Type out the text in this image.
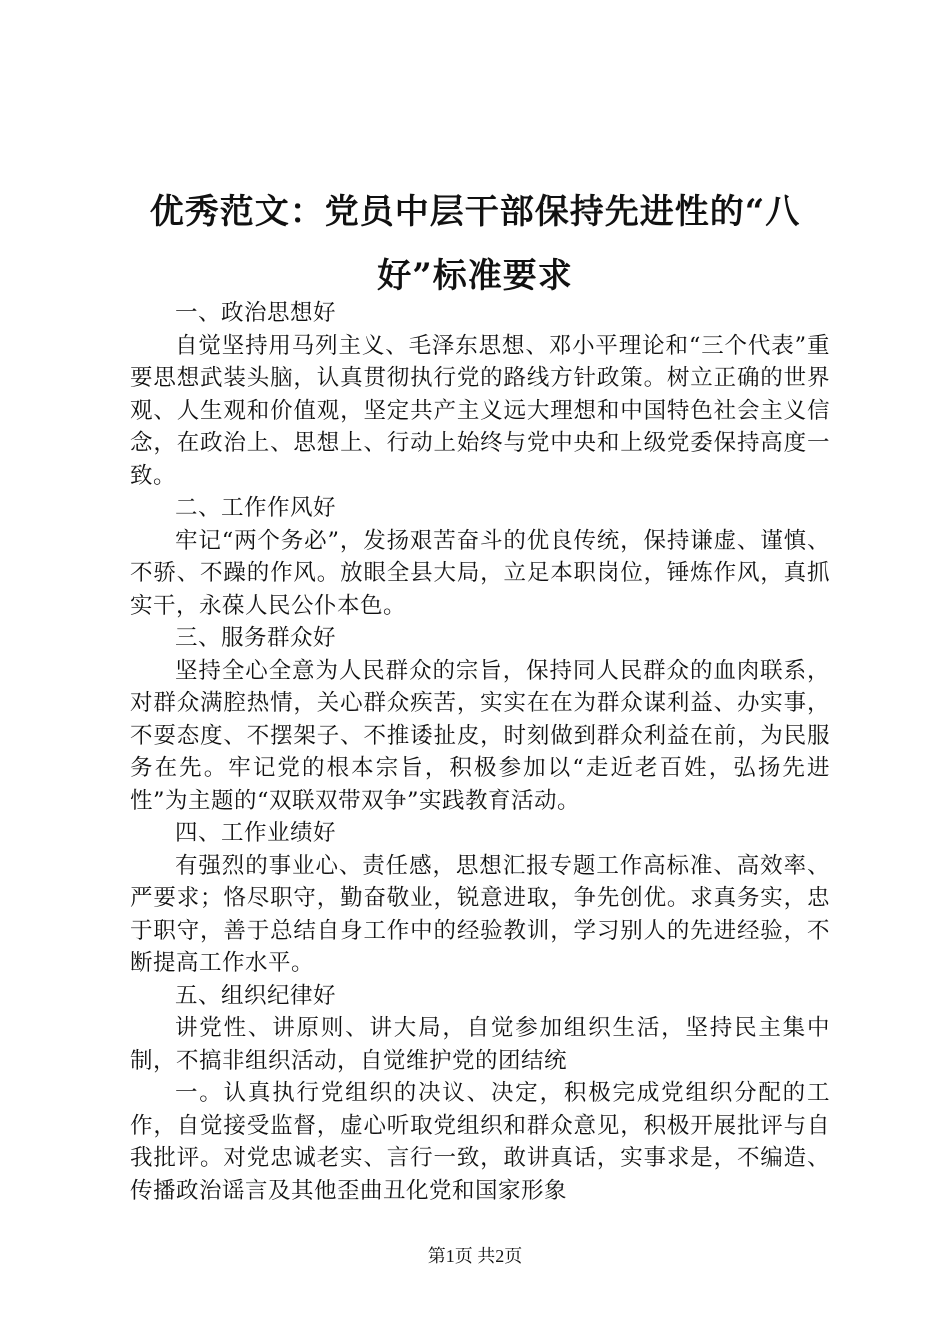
优秀范文：党员中层干部保持先进性的“八好”标准要求

一、政治思想好

自觉坚持用马列主义、毛泽东思想、邓小平理论和“三个代表”重要思想武装头脑，认真贯彻执行党的路线方针政策。树立正确的世界观、人生观和价值观，坚定共产主义远大理想和中国特色社会主义信念，在政治上、思想上、行动上始终与党中央和上级党委保持高度一致。

二、工作作风好

牢记“两个务必”，发扬艰苦奋斗的优良传统，保持谦虚、谨慎、不骄、不躁的作风。放眼全县大局，立足本职岗位，锤炼作风，真抓实干，永葆人民公仆本色。

三、服务群众好

坚持全心全意为人民群众的宗旨，保持同人民群众的血肉联系，对群众满腔热情，关心群众疾苦，实实在在为群众谋利益、办实事，不耍态度、不摆架子、不推诿扯皮，时刻做到群众利益在前，为民服务在先。牢记党的根本宗旨，积极参加以“走近老百姓，弘扬先进性”为主题的“双联双带双争”实践教育活动。

四、工作业绩好

有强烈的事业心、责任感，思想汇报专题工作高标准、高效率、严要求；恪尽职守，勤奋敬业，锐意进取，争先创优。求真务实，忠于职守，善于总结自身工作中的经验教训，学习别人的先进经验，不断提高工作水平。

五、组织纪律好

讲党性、讲原则、讲大局，自觉参加组织生活，坚持民主集中制，不搞非组织活动，自觉维护党的团结统

一。认真执行党组织的决议、决定，积极完成党组织分配的工作，自觉接受监督，虚心听取党组织和群众意见，积极开展批评与自我批评。对党忠诚老实、言行一致，敢讲真话，实事求是，不编造、传播政治谣言及其他歪曲丑化党和国家形象

第1页 共2页
